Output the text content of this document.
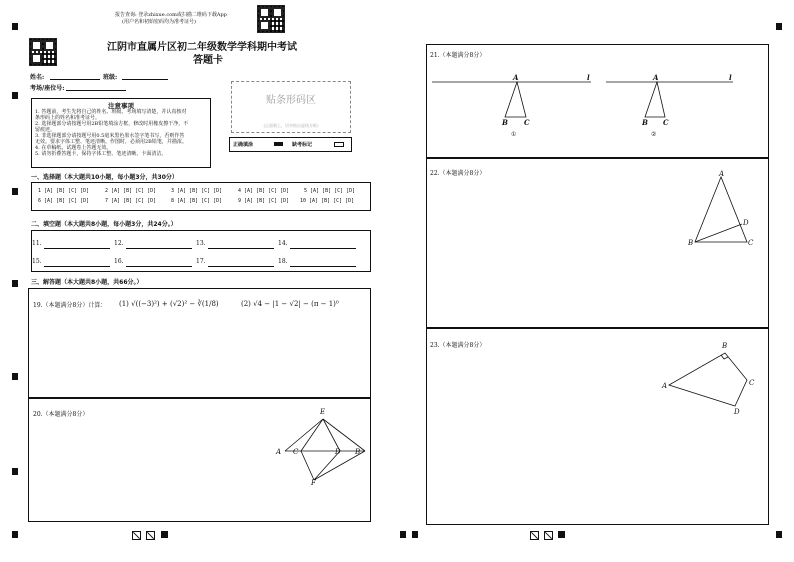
报告查询: 登录zhixue.com或扫描二维码下载App
(用户名和初始密码均为准考证号)
江阴市直属片区初二年级数学学科期中考试
答题卡
姓名:	班级:
考场/座位号:
注意事项
1. 答题前，考生先将自己的姓名、班级、考场填写清楚，并认真核对
条形码上的姓名和准考证号。
2. 选择题部分请按题号用2B铅笔填涂方框，修改时用橡皮擦干净，不
留痕迹。
3. 非选择题部分请按题号用0.5毫米黑色墨水签字笔书写，否则作答
无效。要求字体工整、笔迹清晰。作图时，必须用2B铅笔，并描浓。
4. 在草稿纸、试题卷上答题无效。
5. 请勿折叠答题卡，保持字体工整、笔迹清晰、卡面清洁。
贴条形码区
(正面朝上，切勿贴出虚线方框)
正确填涂	缺考标记
一、选择题（本大题共10小题，每小题3分，共30分）
1 [A] [B] [C] [D]	2 [A] [B] [C] [D]	3 [A] [B] [C] [D]	4 [A] [B] [C] [D]	5 [A] [B] [C] [D]
6 [A] [B] [C] [D]	7 [A] [B] [C] [D]	8 [A] [B] [C] [D]	9 [A] [B] [C] [D] 10 [A] [B] [C] [D]
二、填空题（本大题共8小题，每小题3分，共24分。）
11.	12.	13.	14.
15.	16.	17.	18.
三、解答题（本大题共8小题，共66分。）
19.（本题满分8分）计算： (1) √((−3)²) + (√2)² − ∛(1/8)	(2) √4 − |1 − √2| − (π − 1)⁰
20.（本题满分8分）	E
A C	D B
F
21.（本题满分8分）
A	l
B C
A	l
B C
①	②
22.（本题满分8分）	A
D
B	C
23.（本题满分8分）	B
A	C
D
